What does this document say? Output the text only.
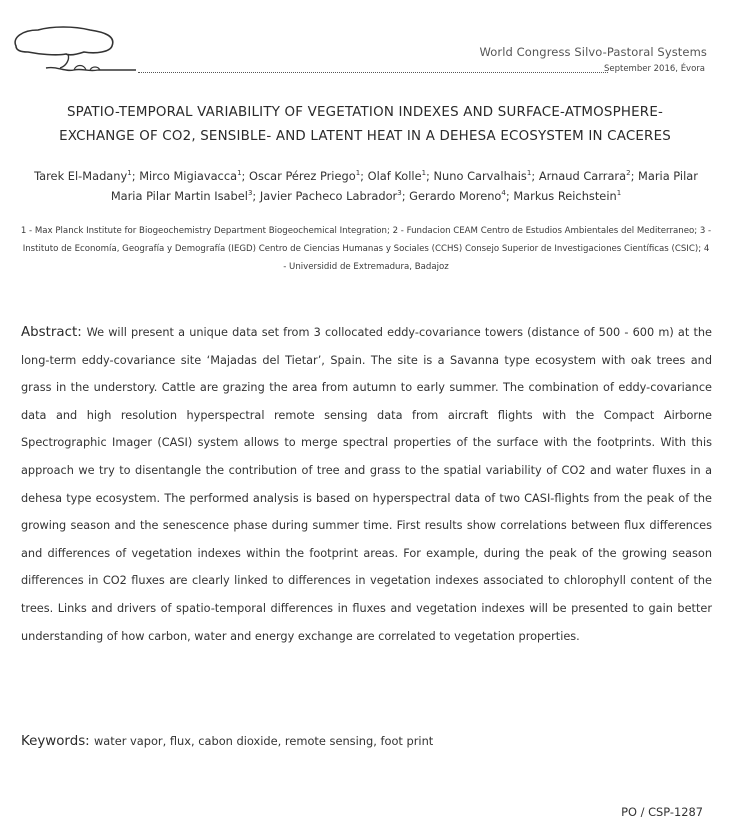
World Congress Silvo-Pastoral Systems
September 2016, Évora
SPATIO-TEMPORAL VARIABILITY OF VEGETATION INDEXES AND SURFACE-ATMOSPHERE-
EXCHANGE OF CO2, SENSIBLE- AND LATENT HEAT IN A DEHESA ECOSYSTEM IN CACERES
Tarek El-Madany$^1$; Mirco Migiavacca$^1$; Oscar Pérez Priego$^1$; Olaf Kolle$^1$; Nuno Carvalhais$^1$; Arnaud Carrara$^2$; Maria Pilar Maria Pilar Martin Isabel$^3$; Javier Pacheco Labrador$^3$; Gerardo Moreno$^4$; Markus Reichstein$^1$
1 - Max Planck Institute for Biogeochemistry Department Biogeochemical Integration; 2 - Fundacion CEAM Centro de Estudios Ambientales del Mediterraneo; 3 - Instituto de Economía, Geografía y Demografía (IEGD) Centro de Ciencias Humanas y Sociales (CCHS) Consejo Superior de Investigaciones Científicas (CSIC); 4 - Universidid de Extremadura, Badajoz
Abstract: We will present a unique data set from 3 collocated eddy-covariance towers (distance of 500 - 600 m) at the long-term eddy-covariance site ‘Majadas del Tietar’, Spain. The site is a Savanna type ecosystem with oak trees and grass in the understory. Cattle are grazing the area from autumn to early summer. The combination of eddy-covariance data and high resolution hyperspectral remote sensing data from aircraft flights with the Compact Airborne Spectrographic Imager (CASI) system allows to merge spectral properties of the surface with the footprints. With this approach we try to disentangle the contribution of tree and grass to the spatial variability of CO2 and water fluxes in a dehesa type ecosystem. The performed analysis is based on hyperspectral data of two CASI-flights from the peak of the growing season and the senescence phase during summer time. First results show correlations between flux differences and differences of vegetation indexes within the footprint areas. For example, during the peak of the growing season differences in CO2 fluxes are clearly linked to differences in vegetation indexes associated to chlorophyll content of the trees. Links and drivers of spatio-temporal differences in fluxes and vegetation indexes will be presented to gain better understanding of how carbon, water and energy exchange are correlated to vegetation properties.
Keywords: water vapor, flux, cabon dioxide, remote sensing, foot print
PO / CSP-1287
